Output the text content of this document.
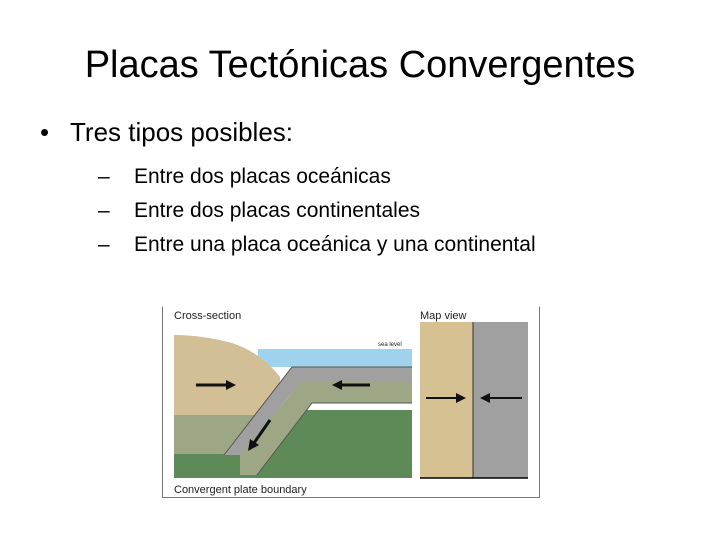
Placas Tectónicas Convergentes
• Tres tipos posibles:
–	Entre dos placas oceánicas
–	Entre dos placas continentales
–	Entre una placa oceánica y una continental
Cross-section
sea level
Map view
Convergent plate boundary
